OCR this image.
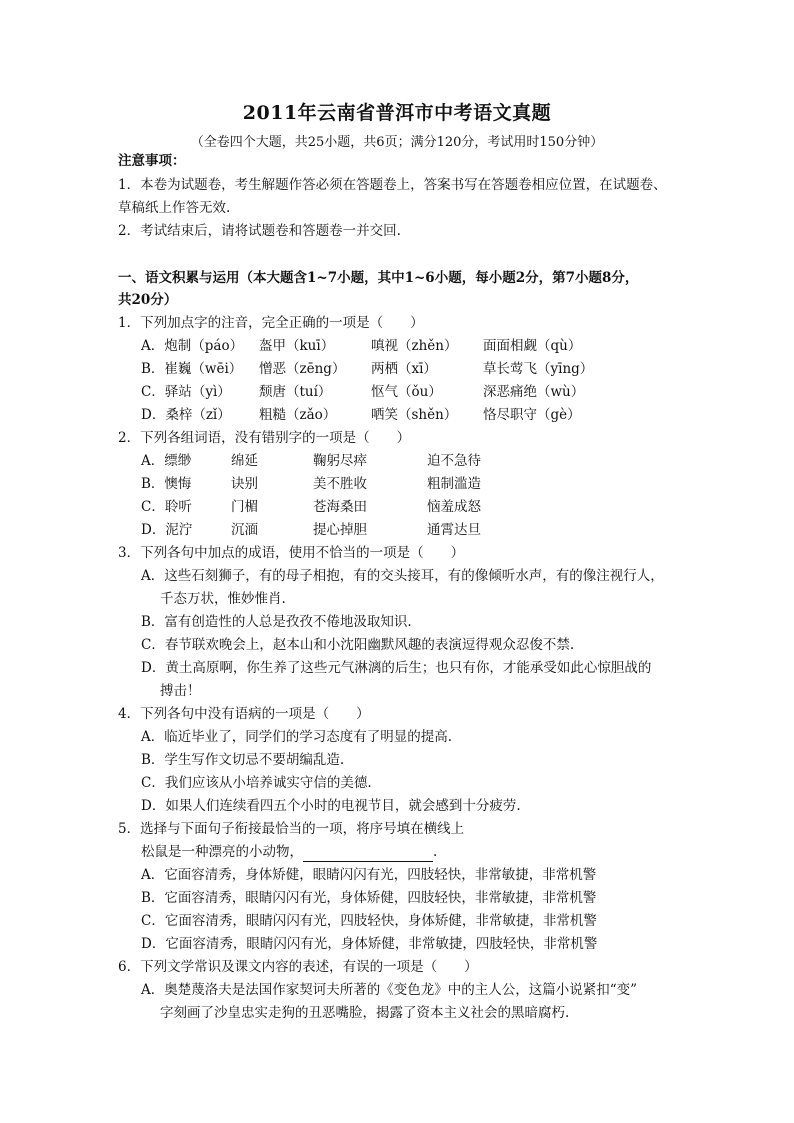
2011年云南省普洱市中考语文真题
（全卷四个大题，共25小题，共6页；满分120分，考试用时150分钟）
注意事项：
1．本卷为试题卷，考生解题作答必须在答题卷上，答案书写在答题卷相应位置，在试题卷、
草稿纸上作答无效.
2．考试结束后，请将试题卷和答题卷一并交回.
一、语文积累与运用（本大题含1~7小题，其中1~6小题，每小题2分，第7小题8分，
共20分）
1．下列加点字的注音，完全正确的一项是（　　）
A．炮制（páo） 盔甲（kuī）	嗔视（zhěn） 面面相觑（qù）
B．崔巍（wēi） 憎恶（zēng） 两栖（xī）	草长莺飞（yīng）
C．驿站（yì） 颓唐（tuí）	怄气（ǒu）	深恶痛绝（wù）
D．桑梓（zǐ） 粗糙（zǎo）	哂笑（shěn） 恪尽职守（gè）
2．下列各组词语，没有错别字的一项是（　　）
A．缥缈	绵延	鞠躬尽瘁	迫不急待
B．懊悔	诀别	美不胜收	粗制滥造
C．聆听	门楣	苍海桑田	恼羞成怒
D．泥泞	沉湎	提心掉胆	通霄达旦
3．下列各句中加点的成语，使用不恰当的一项是（　　）
A．这些石刻狮子，有的母子相抱，有的交头接耳，有的像倾听水声，有的像注视行人，
千态万状，惟妙惟肖.
B．富有创造性的人总是孜孜不倦地汲取知识.
C．春节联欢晚会上，赵本山和小沈阳幽默风趣的表演逗得观众忍俊不禁.
D．黄土高原啊，你生养了这些元气淋漓的后生；也只有你，才能承受如此心惊胆战的
搏击！
4．下列各句中没有语病的一项是（　　）
A．临近毕业了，同学们的学习态度有了明显的提高.
B．学生写作文切忌不要胡编乱造.
C．我们应该从小培养诚实守信的美德.
D．如果人们连续看四五个小时的电视节目，就会感到十分疲劳.
5．选择与下面句子衔接最恰当的一项，将序号填在横线上
松鼠是一种漂亮的小动物，	.
A．它面容清秀，身体矫健，眼睛闪闪有光，四肢轻快，非常敏捷，非常机警
B．它面容清秀，眼睛闪闪有光，身体矫健，四肢轻快，非常敏捷，非常机警
C．它面容清秀，眼睛闪闪有光，四肢轻快，身体矫健，非常敏捷，非常机警
D．它面容清秀，眼睛闪闪有光，身体矫健，非常敏捷，四肢轻快，非常机警
6．下列文学常识及课文内容的表述，有误的一项是（　　）
A．奥楚蔑洛夫是法国作家契诃夫所著的《变色龙》中的主人公，这篇小说紧扣“变”
字刻画了沙皇忠实走狗的丑恶嘴脸，揭露了资本主义社会的黑暗腐朽.
